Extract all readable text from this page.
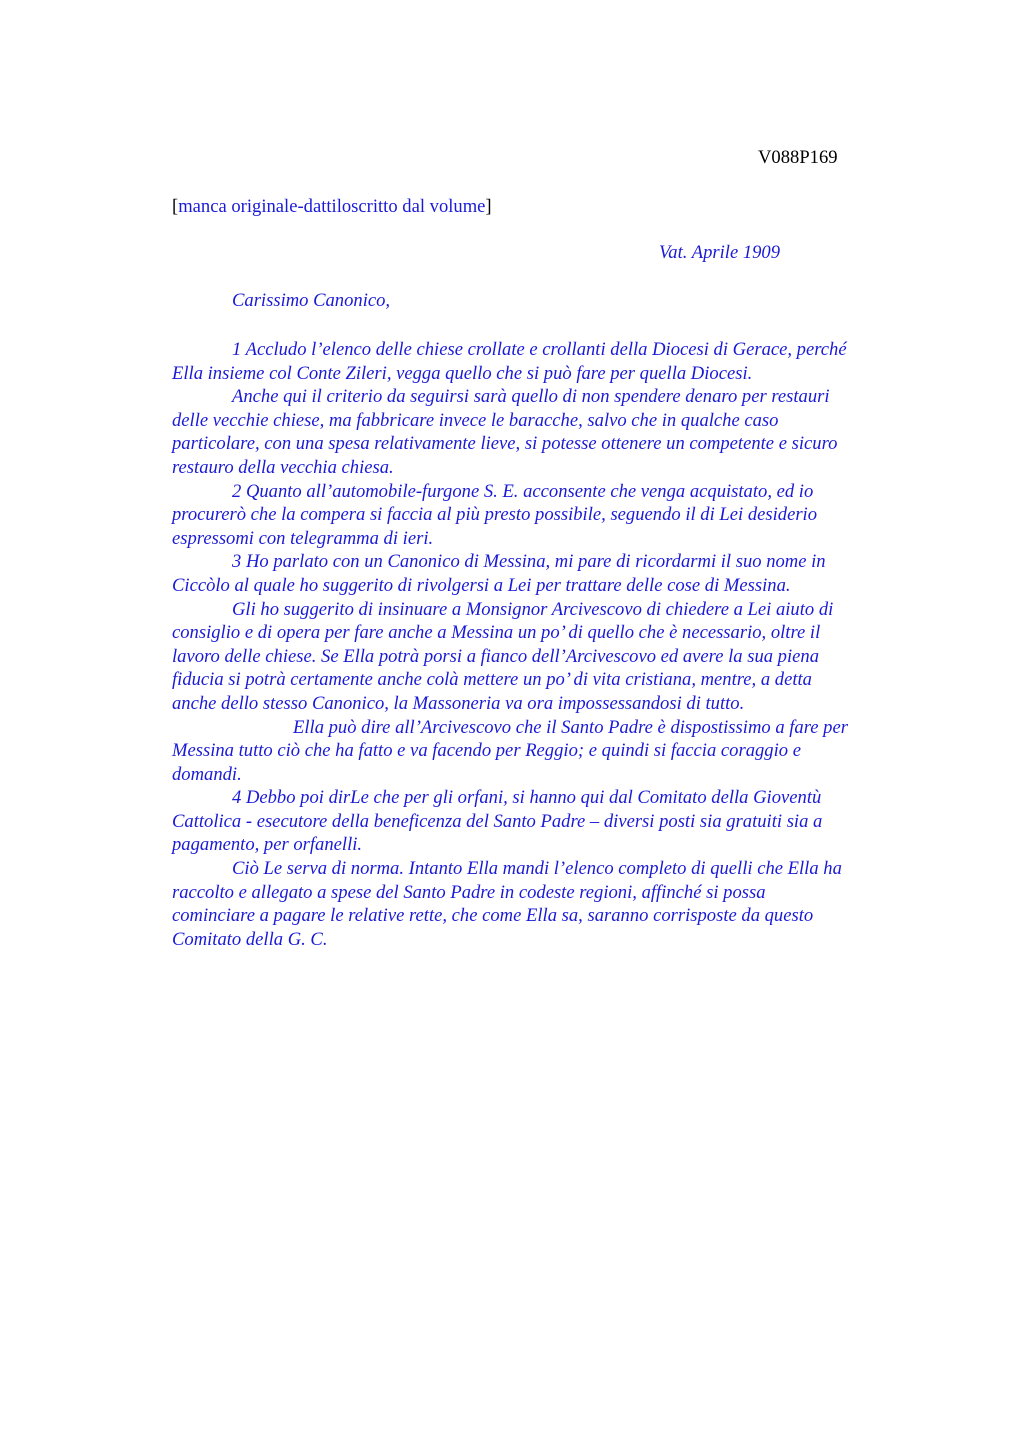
V088P169
[manca originale-dattiloscritto dal volume]
Vat. Aprile 1909
Carissimo Canonico,
1 Accludo l’elenco delle chiese crollate e crollanti della Diocesi di Gerace, perché
Ella insieme col Conte Zileri, vegga quello che si può fare per quella Diocesi.
Anche qui il criterio da seguirsi sarà quello di non spendere denaro per restauri
delle vecchie chiese, ma fabbricare invece le baracche, salvo che in qualche caso
particolare, con una spesa relativamente lieve, si potesse ottenere un competente e sicuro
restauro della vecchia chiesa.
2 Quanto all’automobile-furgone S. E. acconsente che venga acquistato, ed io
procurerò che la compera si faccia al più presto possibile, seguendo il di Lei desiderio
espressomi con telegramma di ieri.
3 Ho parlato con un Canonico di Messina, mi pare di ricordarmi il suo nome in
Ciccòlo al quale ho suggerito di rivolgersi a Lei per trattare delle cose di Messina.
Gli ho suggerito di insinuare a Monsignor Arcivescovo di chiedere a Lei aiuto di
consiglio e di opera per fare anche a Messina un po’ di quello che è necessario, oltre il
lavoro delle chiese. Se Ella potrà porsi a fianco dell’Arcivescovo ed avere la sua piena
fiducia si potrà certamente anche colà mettere un po’ di vita cristiana, mentre, a detta
anche dello stesso Canonico, la Massoneria va ora impossessandosi di tutto.
Ella può dire all’Arcivescovo che il Santo Padre è dispostissimo a fare per
Messina tutto ciò che ha fatto e va facendo per Reggio; e quindi si faccia coraggio e
domandi.
4 Debbo poi dirLe che per gli orfani, si hanno qui dal Comitato della Gioventù
Cattolica - esecutore della beneficenza del Santo Padre – diversi posti sia gratuiti sia a
pagamento, per orfanelli.
Ciò Le serva di norma. Intanto Ella mandi l’elenco completo di quelli che Ella ha
raccolto e allegato a spese del Santo Padre in codeste regioni, affinché si possa
cominciare a pagare le relative rette, che come Ella sa, saranno corrisposte da questo
Comitato della G. C.
